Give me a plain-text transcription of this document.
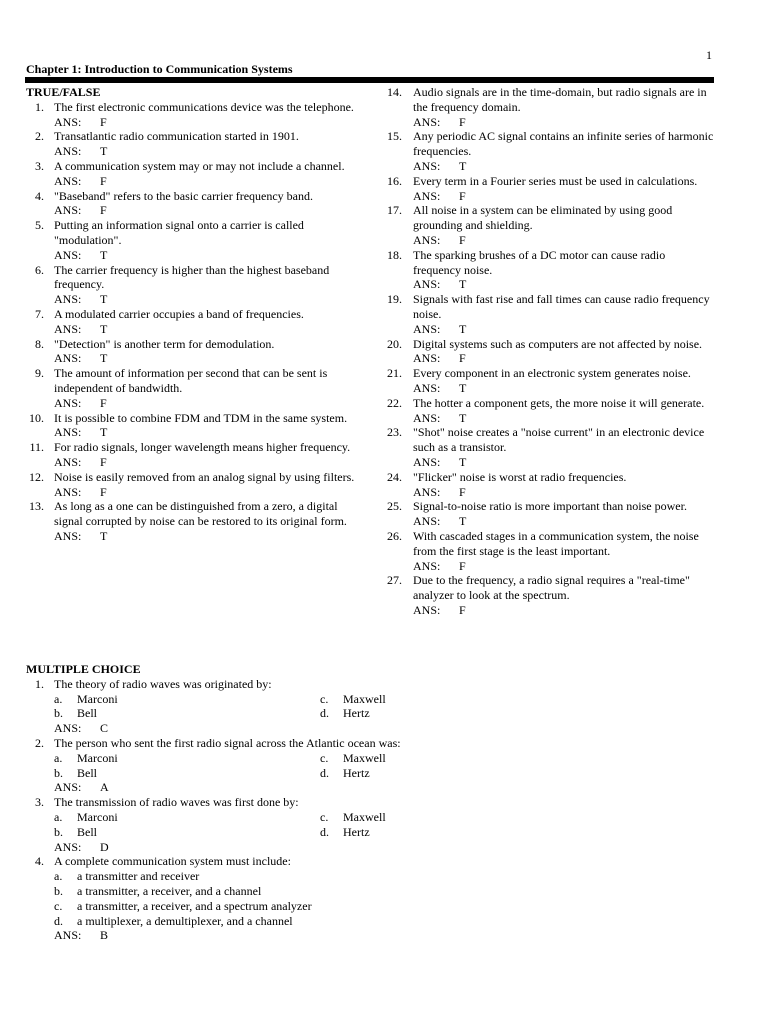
1
Chapter 1: Introduction to Communication Systems
TRUE/FALSE
1. The first electronic communications device was the telephone.
ANS: F
2. Transatlantic radio communication started in 1901.
ANS: T
3. A communication system may or may not include a channel.
ANS: F
4. "Baseband" refers to the basic carrier frequency band.
ANS: F
5. Putting an information signal onto a carrier is called "modulation".
ANS: T
6. The carrier frequency is higher than the highest baseband frequency.
ANS: T
7. A modulated carrier occupies a band of frequencies.
ANS: T
8. "Detection" is another term for demodulation.
ANS: T
9. The amount of information per second that can be sent is independent of bandwidth.
ANS: F
10. It is possible to combine FDM and TDM in the same system.
ANS: T
11. For radio signals, longer wavelength means higher frequency.
ANS: F
12. Noise is easily removed from an analog signal by using filters.
ANS: F
13. As long as a one can be distinguished from a zero, a digital signal corrupted by noise can be restored to its original form.
ANS: T
14. Audio signals are in the time-domain, but radio signals are in the frequency domain.
ANS: F
15. Any periodic AC signal contains an infinite series of harmonic frequencies.
ANS: T
16. Every term in a Fourier series must be used in calculations.
ANS: F
17. All noise in a system can be eliminated by using good grounding and shielding.
ANS: F
18. The sparking brushes of a DC motor can cause radio frequency noise.
ANS: T
19. Signals with fast rise and fall times can cause radio frequency noise.
ANS: T
20. Digital systems such as computers are not affected by noise.
ANS: F
21. Every component in an electronic system generates noise.
ANS: T
22. The hotter a component gets, the more noise it will generate.
ANS: T
23. "Shot" noise creates a "noise current" in an electronic device such as a transistor.
ANS: T
24. "Flicker" noise is worst at radio frequencies.
ANS: F
25. Signal-to-noise ratio is more important than noise power.
ANS: T
26. With cascaded stages in a communication system, the noise from the first stage is the least important.
ANS: F
27. Due to the frequency, a radio signal requires a "real-time" analyzer to look at the spectrum.
ANS: F
MULTIPLE CHOICE
1. The theory of radio waves was originated by:
a. Marconi	c. Maxwell
b. Bell	d. Hertz
ANS: C
2. The person who sent the first radio signal across the Atlantic ocean was:
a. Marconi	c. Maxwell
b. Bell	d. Hertz
ANS: A
3. The transmission of radio waves was first done by:
a. Marconi	c. Maxwell
b. Bell	d. Hertz
ANS: D
4. A complete communication system must include:
a. a transmitter and receiver
b. a transmitter, a receiver, and a channel
c. a transmitter, a receiver, and a spectrum analyzer
d. a multiplexer, a demultiplexer, and a channel
ANS: B
